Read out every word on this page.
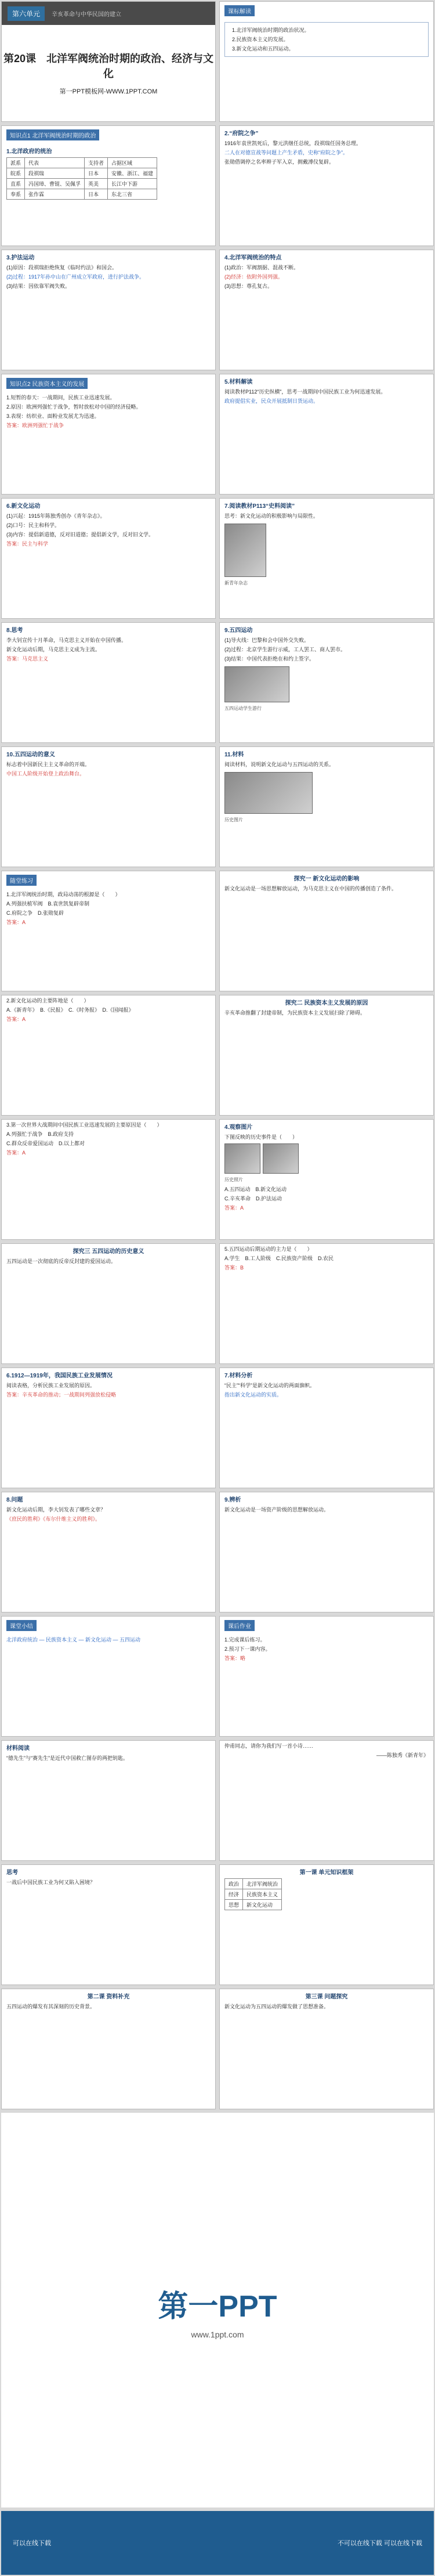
第六单元	辛亥革命与中华民国的建立
第20课　北洋军阀统治时期的政治、经济与文化
第一PPT模板网-WWW.1PPT.COM
课标解读
1.北洋军阀统治时期的政治状况。
2.民族资本主义的发展。
3.新文化运动和五四运动。
知识点1 北洋军阀统治时期的政治
1.北洋政府的统治
派系	代表	支持者	占据区域
皖系	段祺瑞	日本	安徽、浙江、福建
直系	冯国璋、曹锟、吴佩孚	英美	长江中下游
奉系	张作霖	日本	东北三省
2.“府院之争”
1916年袁世凯死后，黎元洪继任总统，段祺瑞任国务总理。
二人在对德宣战等问题上产生矛盾，史称“府院之争”。
张勋借调停之名率辫子军入京，拥戴溥仪复辟。
3.护法运动
(1)原因：段祺瑞拒绝恢复《临时约法》和国会。
(2)过程：1917年孙中山在广州成立军政府，进行护法战争。
(3)结果：因依靠军阀失败。
4.北洋军阀统治的特点
(1)政治：军阀割据、混战不断。
(2)经济：依附外国列强。
(3)思想：尊孔复古。
知识点2 民族资本主义的发展
1.短暂的春天：一战期间，民族工业迅速发展。
2.原因：欧洲列强忙于战争，暂时放松对中国的经济侵略。
3.表现：纺织业、面粉业发展尤为迅速。
答案：欧洲列强忙于战争
5.材料解读
阅读教材P112“历史纵横”，思考一战期间中国民族工业为何迅速发展。
政府提倡实业，民众开展抵制日货运动。
6.新文化运动
(1)兴起：1915年陈独秀创办《青年杂志》。
(2)口号：民主和科学。
(3)内容：提倡新道德，反对旧道德；提倡新文学，反对旧文学。
答案：民主与科学
7.阅读教材P113“史料阅读”
思考：新文化运动的积极影响与局限性。
新青年杂志
8.思考
李大钊宣传十月革命，马克思主义开始在中国传播。
新文化运动后期，马克思主义成为主流。
答案：马克思主义
9.五四运动
(1)导火线：巴黎和会中国外交失败。
(2)过程：北京学生游行示威，工人罢工、商人罢市。
(3)结果：中国代表拒绝在和约上签字。
五四运动学生游行
10.五四运动的意义
标志着中国新民主主义革命的开端。
中国工人阶级开始登上政治舞台。
11.材料
阅读材料，说明新文化运动与五四运动的关系。
历史图片
随堂练习
1.北洋军阀统治时期，政局动荡的根源是（　　）
A.列强扶植军阀　B.袁世凯复辟帝制
C.府院之争　D.张勋复辟
答案：A
探究一 新文化运动的影响
新文化运动是一场思想解放运动，为马克思主义在中国的传播创造了条件。
2.新文化运动的主要阵地是（　　）
A.《新青年》　B.《民报》　C.《时务报》　D.《国闻报》
答案：A
探究二 民族资本主义发展的原因
辛亥革命推翻了封建帝制，为民族资本主义发展扫除了障碍。
3.第一次世界大战期间中国民族工业迅速发展的主要原因是（　　）
A.列强忙于战争　B.政府支持
C.群众反帝爱国运动　D.以上都对
答案：A
4.观察图片
下图反映的历史事件是（　　）

历史照片
A.五四运动　B.新文化运动
C.辛亥革命　D.护法运动
答案：A
探究三 五四运动的历史意义
五四运动是一次彻底的反帝反封建的爱国运动。
5.五四运动后期运动的主力是（　　）
A.学生　B.工人阶级　C.民族资产阶级　D.农民
答案：B
6.1912—1919年，我国民族工业发展情况
阅读表格，分析民族工业发展的原因。
答案：辛亥革命的推动；一战期间列强放松侵略
7.材料分析
“民主”“科学”是新文化运动的两面旗帜。
指出新文化运动的实质。
8.问题
新文化运动后期，李大钊发表了哪些文章？
《庶民的胜利》《布尔什维主义的胜利》。
9.辨析
新文化运动是一场资产阶级的思想解放运动。
课堂小结
北洋政府统治 — 民族资本主义 — 新文化运动 — 五四运动
课后作业
1.完成课后练习。
2.预习下一课内容。
答案：略
材料阅读
“德先生”与“赛先生”是近代中国救亡图存的两把钥匙。
仲甫同志，请你为我们写一首小诗……
——陈独秀《新青年》
思考
一战后中国民族工业为何又陷入困境？
第一课 单元知识框架
政治	北洋军阀统治
经济	民族资本主义
思想	新文化运动
第二课 资料补充
五四运动的爆发有其深刻的历史背景。
第三课 问题探究
新文化运动为五四运动的爆发做了思想准备。
第一PPT
www.1ppt.com
可以在线下载	不可以在线下载 可以在线下载
